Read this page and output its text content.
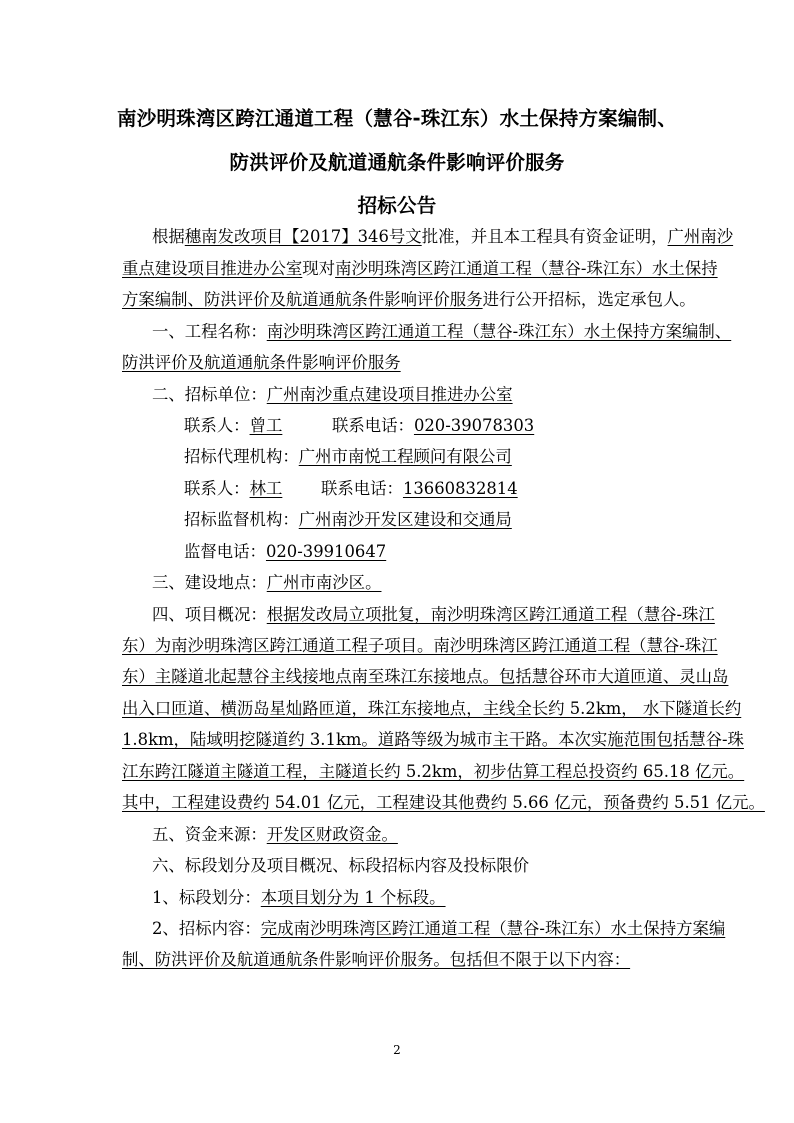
南沙明珠湾区跨江通道工程（慧谷-珠江东）水土保持方案编制、
防洪评价及航道通航条件影响评价服务
招标公告
根据穗南发改项目【2017】346号文批准，并且本工程具有资金证明，广州南沙
重点建设项目推进办公室现对南沙明珠湾区跨江通道工程（慧谷-珠江东）水土保持
方案编制、防洪评价及航道通航条件影响评价服务进行公开招标，选定承包人。
一、工程名称：南沙明珠湾区跨江通道工程（慧谷-珠江东）水土保持方案编制、
防洪评价及航道通航条件影响评价服务
二、招标单位：广州南沙重点建设项目推进办公室
联系人：曾工	联系电话：020-39078303
招标代理机构：广州市南悦工程顾问有限公司
联系人：林工 联系电话：13660832814
招标监督机构：广州南沙开发区建设和交通局
监督电话：020-39910647
三、建设地点：广州市南沙区。
四、项目概况：根据发改局立项批复，南沙明珠湾区跨江通道工程（慧谷-珠江
东）为南沙明珠湾区跨江通道工程子项目。南沙明珠湾区跨江通道工程（慧谷-珠江
东）主隧道北起慧谷主线接地点南至珠江东接地点。包括慧谷环市大道匝道、灵山岛
出入口匝道、横沥岛星灿路匝道，珠江东接地点，主线全长约 5.2km， 水下隧道长约
1.8km，陆域明挖隧道约 3.1km。道路等级为城市主干路。本次实施范围包括慧谷-珠
江东跨江隧道主隧道工程，主隧道长约 5.2km，初步估算工程总投资约 65.18 亿元。
其中，工程建设费约 54.01 亿元，工程建设其他费约 5.66 亿元，预备费约 5.51 亿元。
五、资金来源：开发区财政资金。
六、标段划分及项目概况、标段招标内容及投标限价
1、标段划分：本项目划分为 1 个标段。
2、招标内容：完成南沙明珠湾区跨江通道工程（慧谷-珠江东）水土保持方案编
制、防洪评价及航道通航条件影响评价服务。包括但不限于以下内容：
2
